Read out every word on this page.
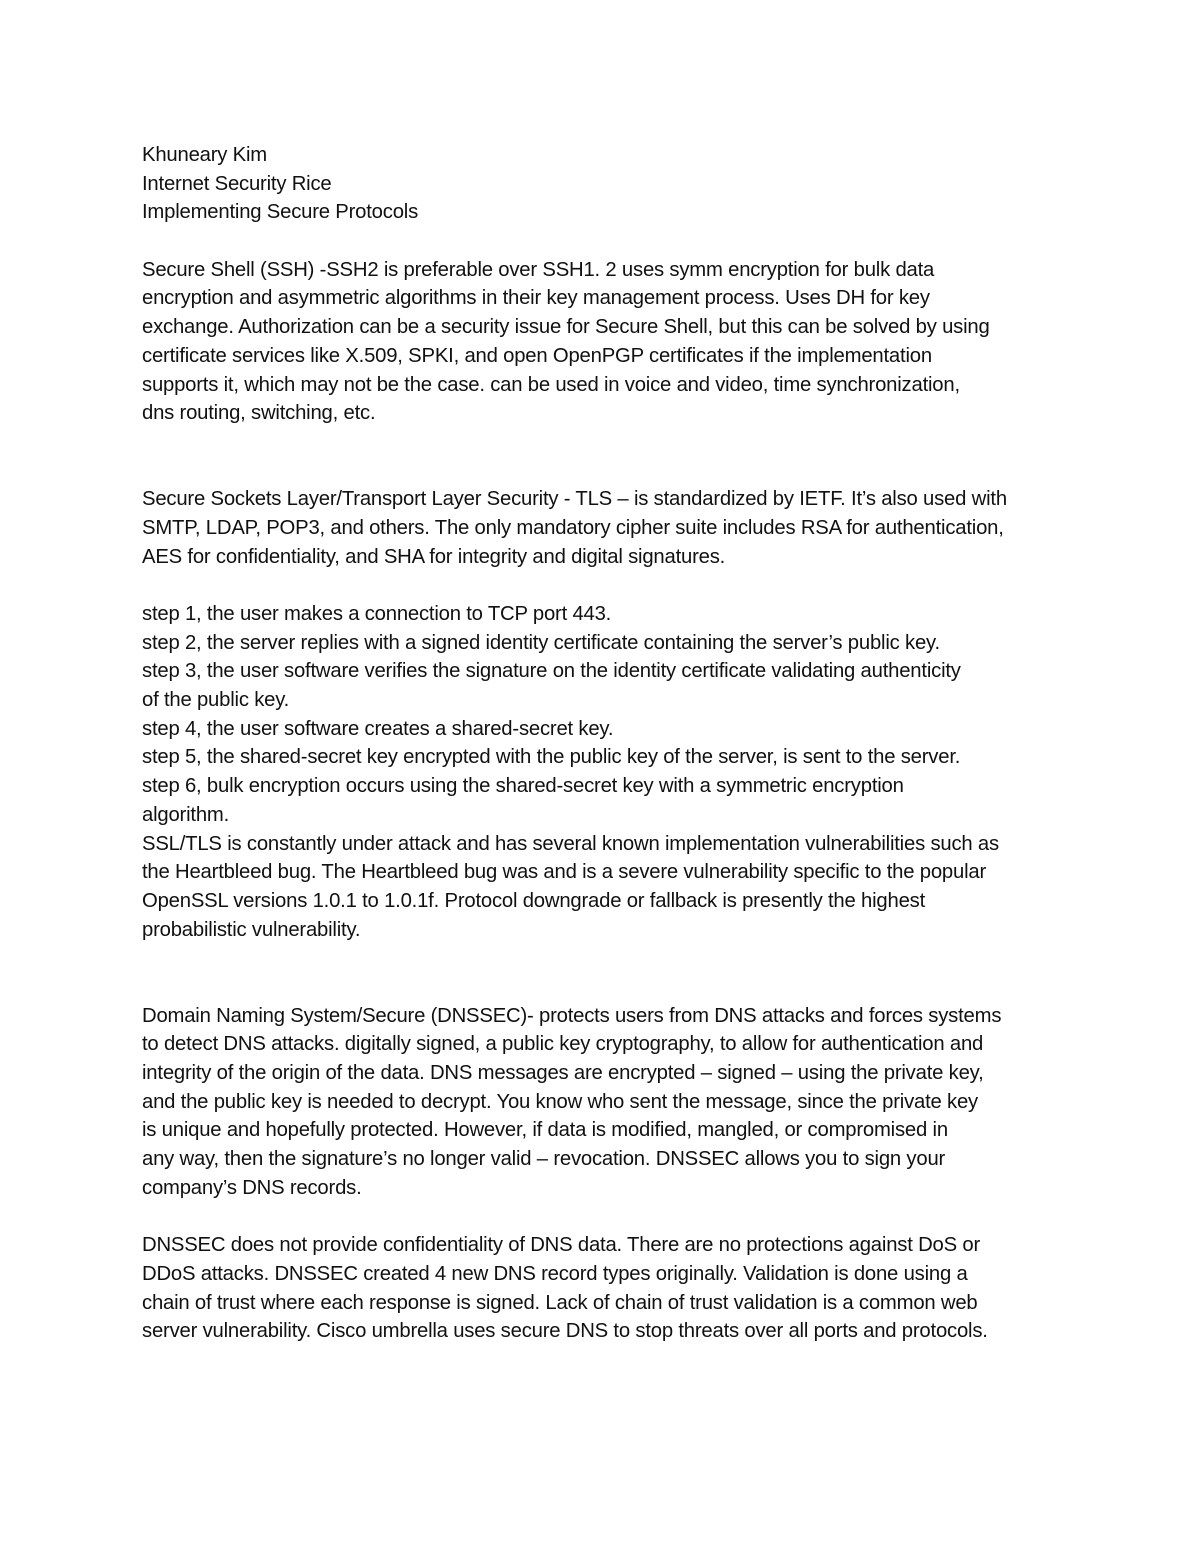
Khuneary Kim
Internet Security Rice
Implementing Secure Protocols
Secure Shell (SSH) -SSH2 is preferable over SSH1. 2 uses symm encryption for bulk data
encryption and asymmetric algorithms in their key management process. Uses DH for key
exchange. Authorization can be a security issue for Secure Shell, but this can be solved by using
certificate services like X.509, SPKI, and open OpenPGP certificates if the implementation
supports it, which may not be the case. can be used in voice and video, time synchronization,
dns routing, switching, etc.
Secure Sockets Layer/Transport Layer Security - TLS – is standardized by IETF. It’s also used with
SMTP, LDAP, POP3, and others. The only mandatory cipher suite includes RSA for authentication,
AES for confidentiality, and SHA for integrity and digital signatures.
step 1, the user makes a connection to TCP port 443.
step 2, the server replies with a signed identity certificate containing the server’s public key.
step 3, the user software verifies the signature on the identity certificate validating authenticity
of the public key.
step 4, the user software creates a shared-secret key.
step 5, the shared-secret key encrypted with the public key of the server, is sent to the server.
step 6, bulk encryption occurs using the shared-secret key with a symmetric encryption
algorithm.
SSL/TLS is constantly under attack and has several known implementation vulnerabilities such as
the Heartbleed bug. The Heartbleed bug was and is a severe vulnerability specific to the popular
OpenSSL versions 1.0.1 to 1.0.1f. Protocol downgrade or fallback is presently the highest
probabilistic vulnerability.
Domain Naming System/Secure (DNSSEC)- protects users from DNS attacks and forces systems
to detect DNS attacks. digitally signed, a public key cryptography, to allow for authentication and
integrity of the origin of the data. DNS messages are encrypted – signed – using the private key,
and the public key is needed to decrypt. You know who sent the message, since the private key
is unique and hopefully protected. However, if data is modified, mangled, or compromised in
any way, then the signature’s no longer valid – revocation. DNSSEC allows you to sign your
company’s DNS records.
DNSSEC does not provide confidentiality of DNS data. There are no protections against DoS or
DDoS attacks. DNSSEC created 4 new DNS record types originally. Validation is done using a
chain of trust where each response is signed. Lack of chain of trust validation is a common web
server vulnerability. Cisco umbrella uses secure DNS to stop threats over all ports and protocols.
